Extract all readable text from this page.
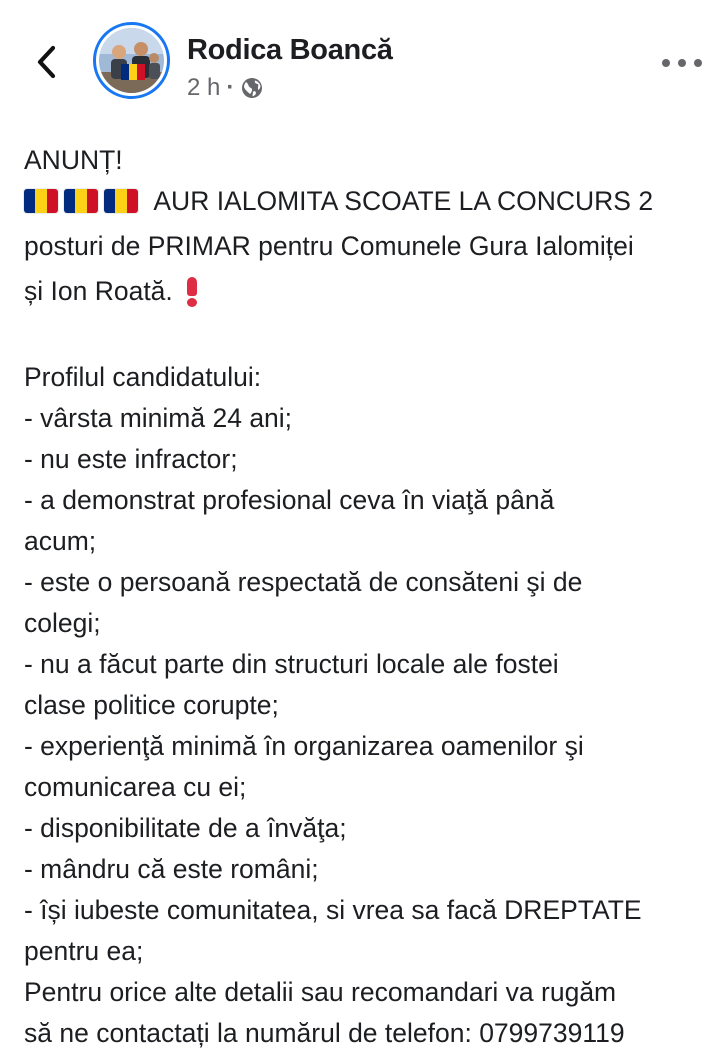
Rodica Boancă
2 h ·
ANUNȚ!
AUR IALOMITA SCOATE LA CONCURS 2
posturi de PRIMAR pentru Comunele Gura Ialomiței
și Ion Roată.
Profilul candidatului:
- vârsta minimă 24 ani;
- nu este infractor;
- a demonstrat profesional ceva în viaţă până
acum;
- este o persoană respectată de consăteni şi de
colegi;
- nu a făcut parte din structuri locale ale fostei
clase politice corupte;
- experienţă minimă în organizarea oamenilor şi
comunicarea cu ei;
- disponibilitate de a învăţa;
- mândru că este români;
- își iubeste comunitatea, si vrea sa facă DREPTATE
pentru ea;
Pentru orice alte detalii sau recomandari va rugăm
să ne contactați la numărul de telefon: 0799739119
